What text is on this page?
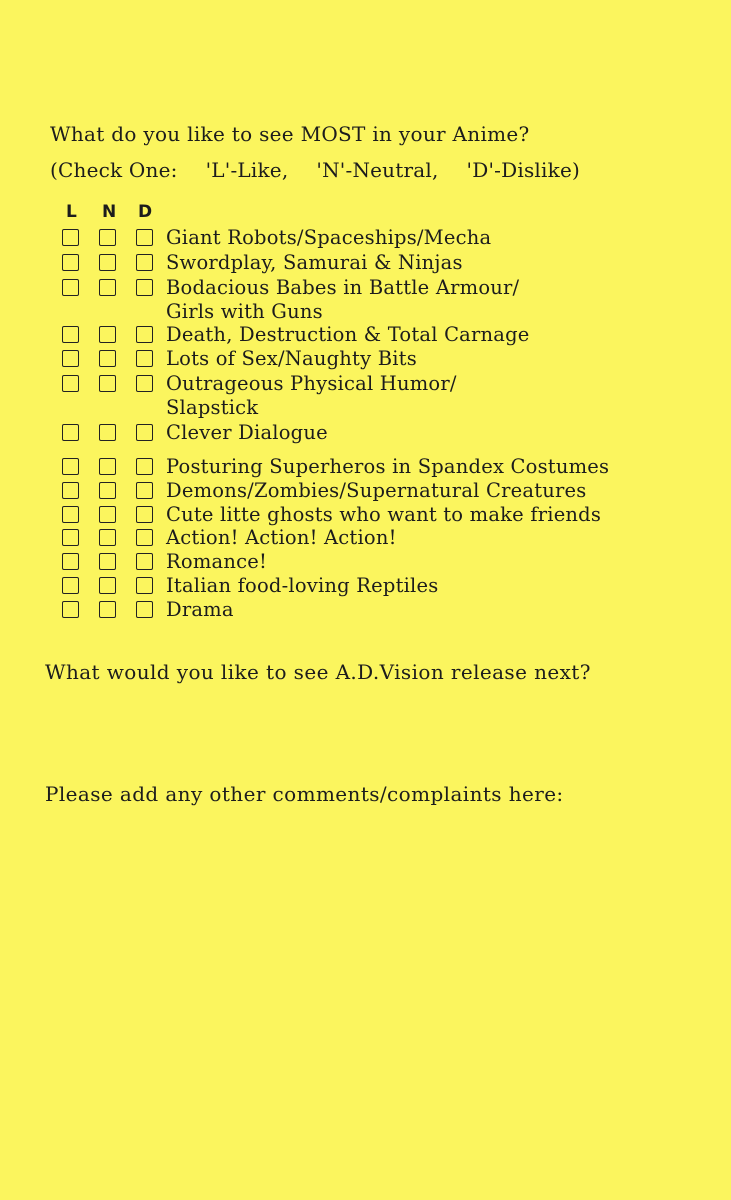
What do you like to see MOST in your Anime?
(Check One: 'L'-Like, 'N'-Neutral, 'D'-Dislike)
L N D
Giant Robots/Spaceships/Mecha
Swordplay, Samurai & Ninjas
Bodacious Babes in Battle Armour/
Girls with Guns
Death, Destruction & Total Carnage
Lots of Sex/Naughty Bits
Outrageous Physical Humor/
Slapstick
Clever Dialogue
Posturing Superheros in Spandex Costumes
Demons/Zombies/Supernatural Creatures
Cute litte ghosts who want to make friends
Action! Action! Action!
Romance!
Italian food-loving Reptiles
Drama
What would you like to see A.D.Vision release next?
Please add any other comments/complaints here:
